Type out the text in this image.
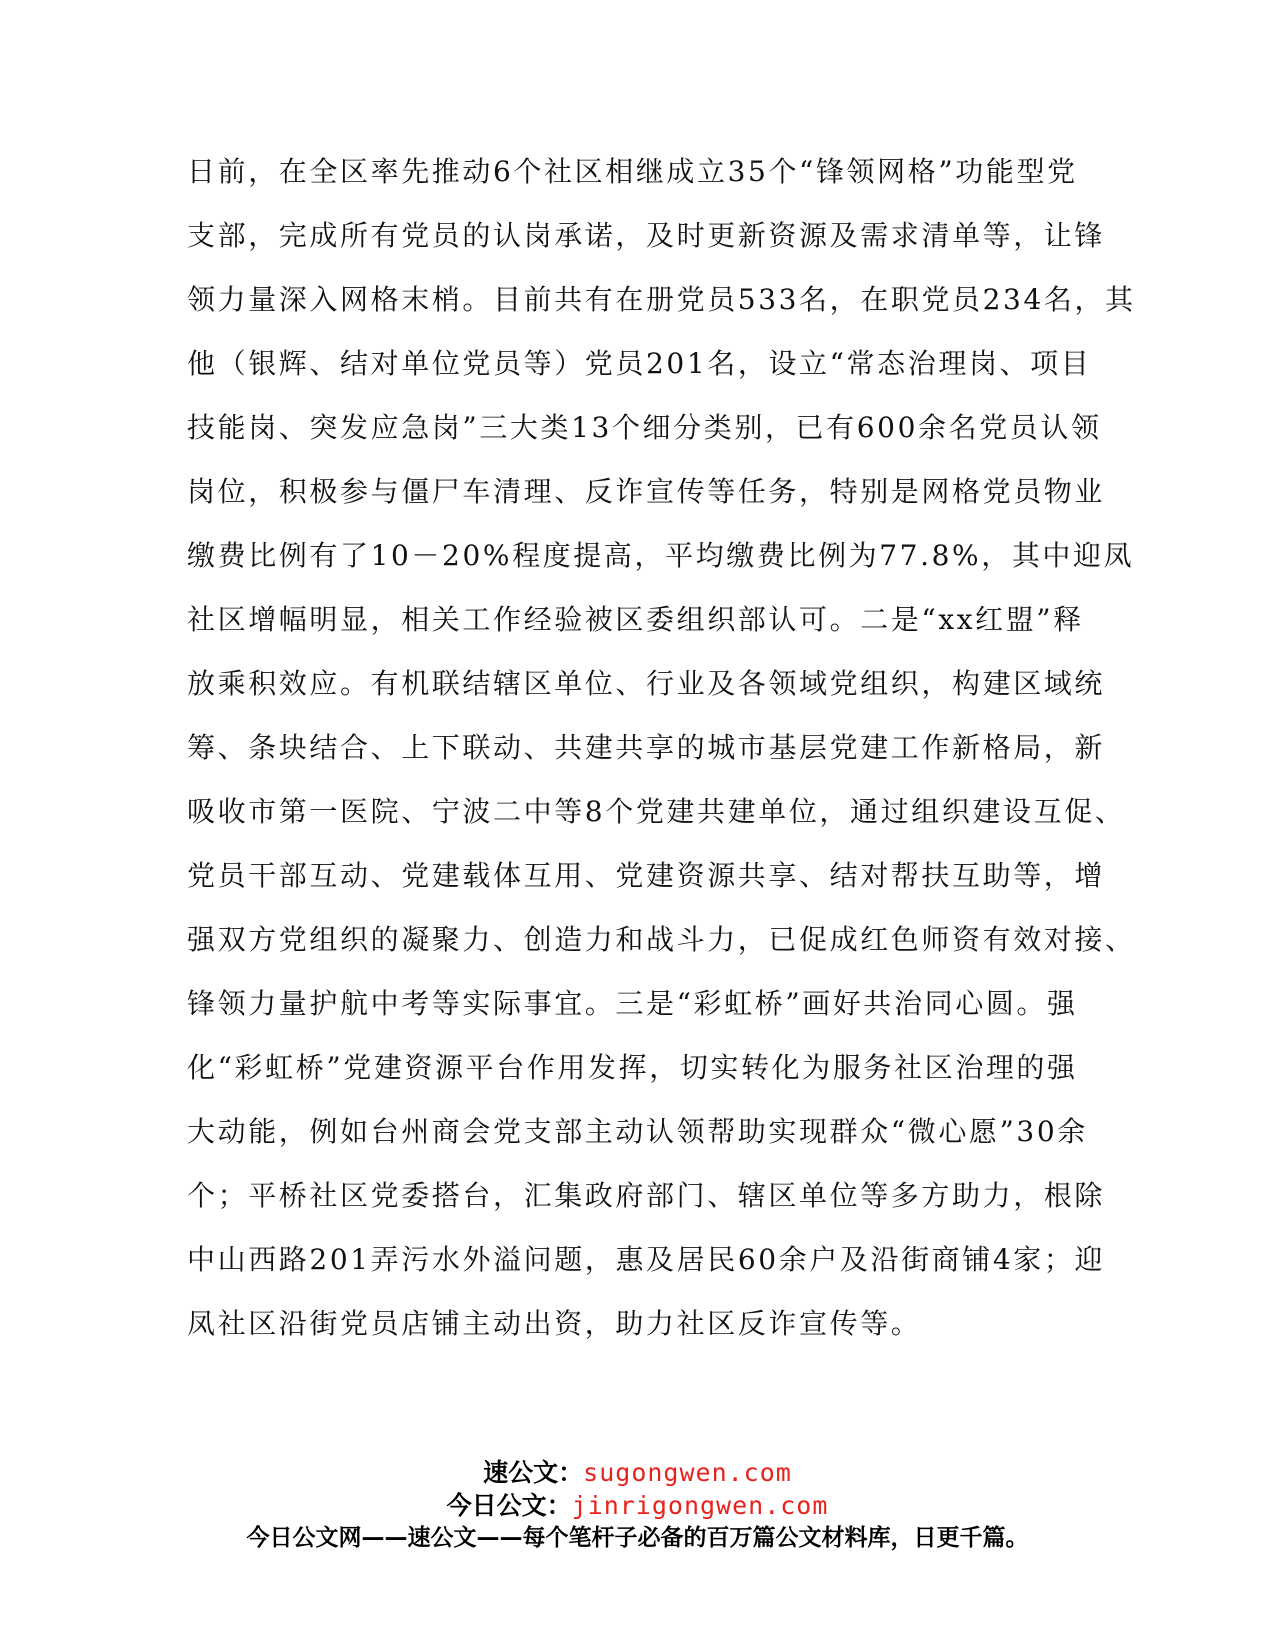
日前，在全区率先推动6个社区相继成立35个“锋领网格”功能型党
支部，完成所有党员的认岗承诺，及时更新资源及需求清单等，让锋
领力量深入网格末梢。目前共有在册党员533名，在职党员234名，其
他（银辉、结对单位党员等）党员201名，设立“常态治理岗、项目
技能岗、突发应急岗”三大类13个细分类别，已有600余名党员认领
岗位，积极参与僵尸车清理、反诈宣传等任务，特别是网格党员物业
缴费比例有了10－20%程度提高，平均缴费比例为77.8%，其中迎凤
社区增幅明显，相关工作经验被区委组织部认可。二是“xx红盟”释
放乘积效应。有机联结辖区单位、行业及各领域党组织，构建区域统
筹、条块结合、上下联动、共建共享的城市基层党建工作新格局，新
吸收市第一医院、宁波二中等8个党建共建单位，通过组织建设互促、
党员干部互动、党建载体互用、党建资源共享、结对帮扶互助等，增
强双方党组织的凝聚力、创造力和战斗力，已促成红色师资有效对接、
锋领力量护航中考等实际事宜。三是“彩虹桥”画好共治同心圆。强
化“彩虹桥”党建资源平台作用发挥，切实转化为服务社区治理的强
大动能，例如台州商会党支部主动认领帮助实现群众“微心愿”30余
个；平桥社区党委搭台，汇集政府部门、辖区单位等多方助力，根除
中山西路201弄污水外溢问题，惠及居民60余户及沿街商铺4家；迎
凤社区沿街党员店铺主动出资，助力社区反诈宣传等。
速公文：sugongwen.com
今日公文：jinrigongwen.com
今日公文网——速公文——每个笔杆子必备的百万篇公文材料库，日更千篇。
